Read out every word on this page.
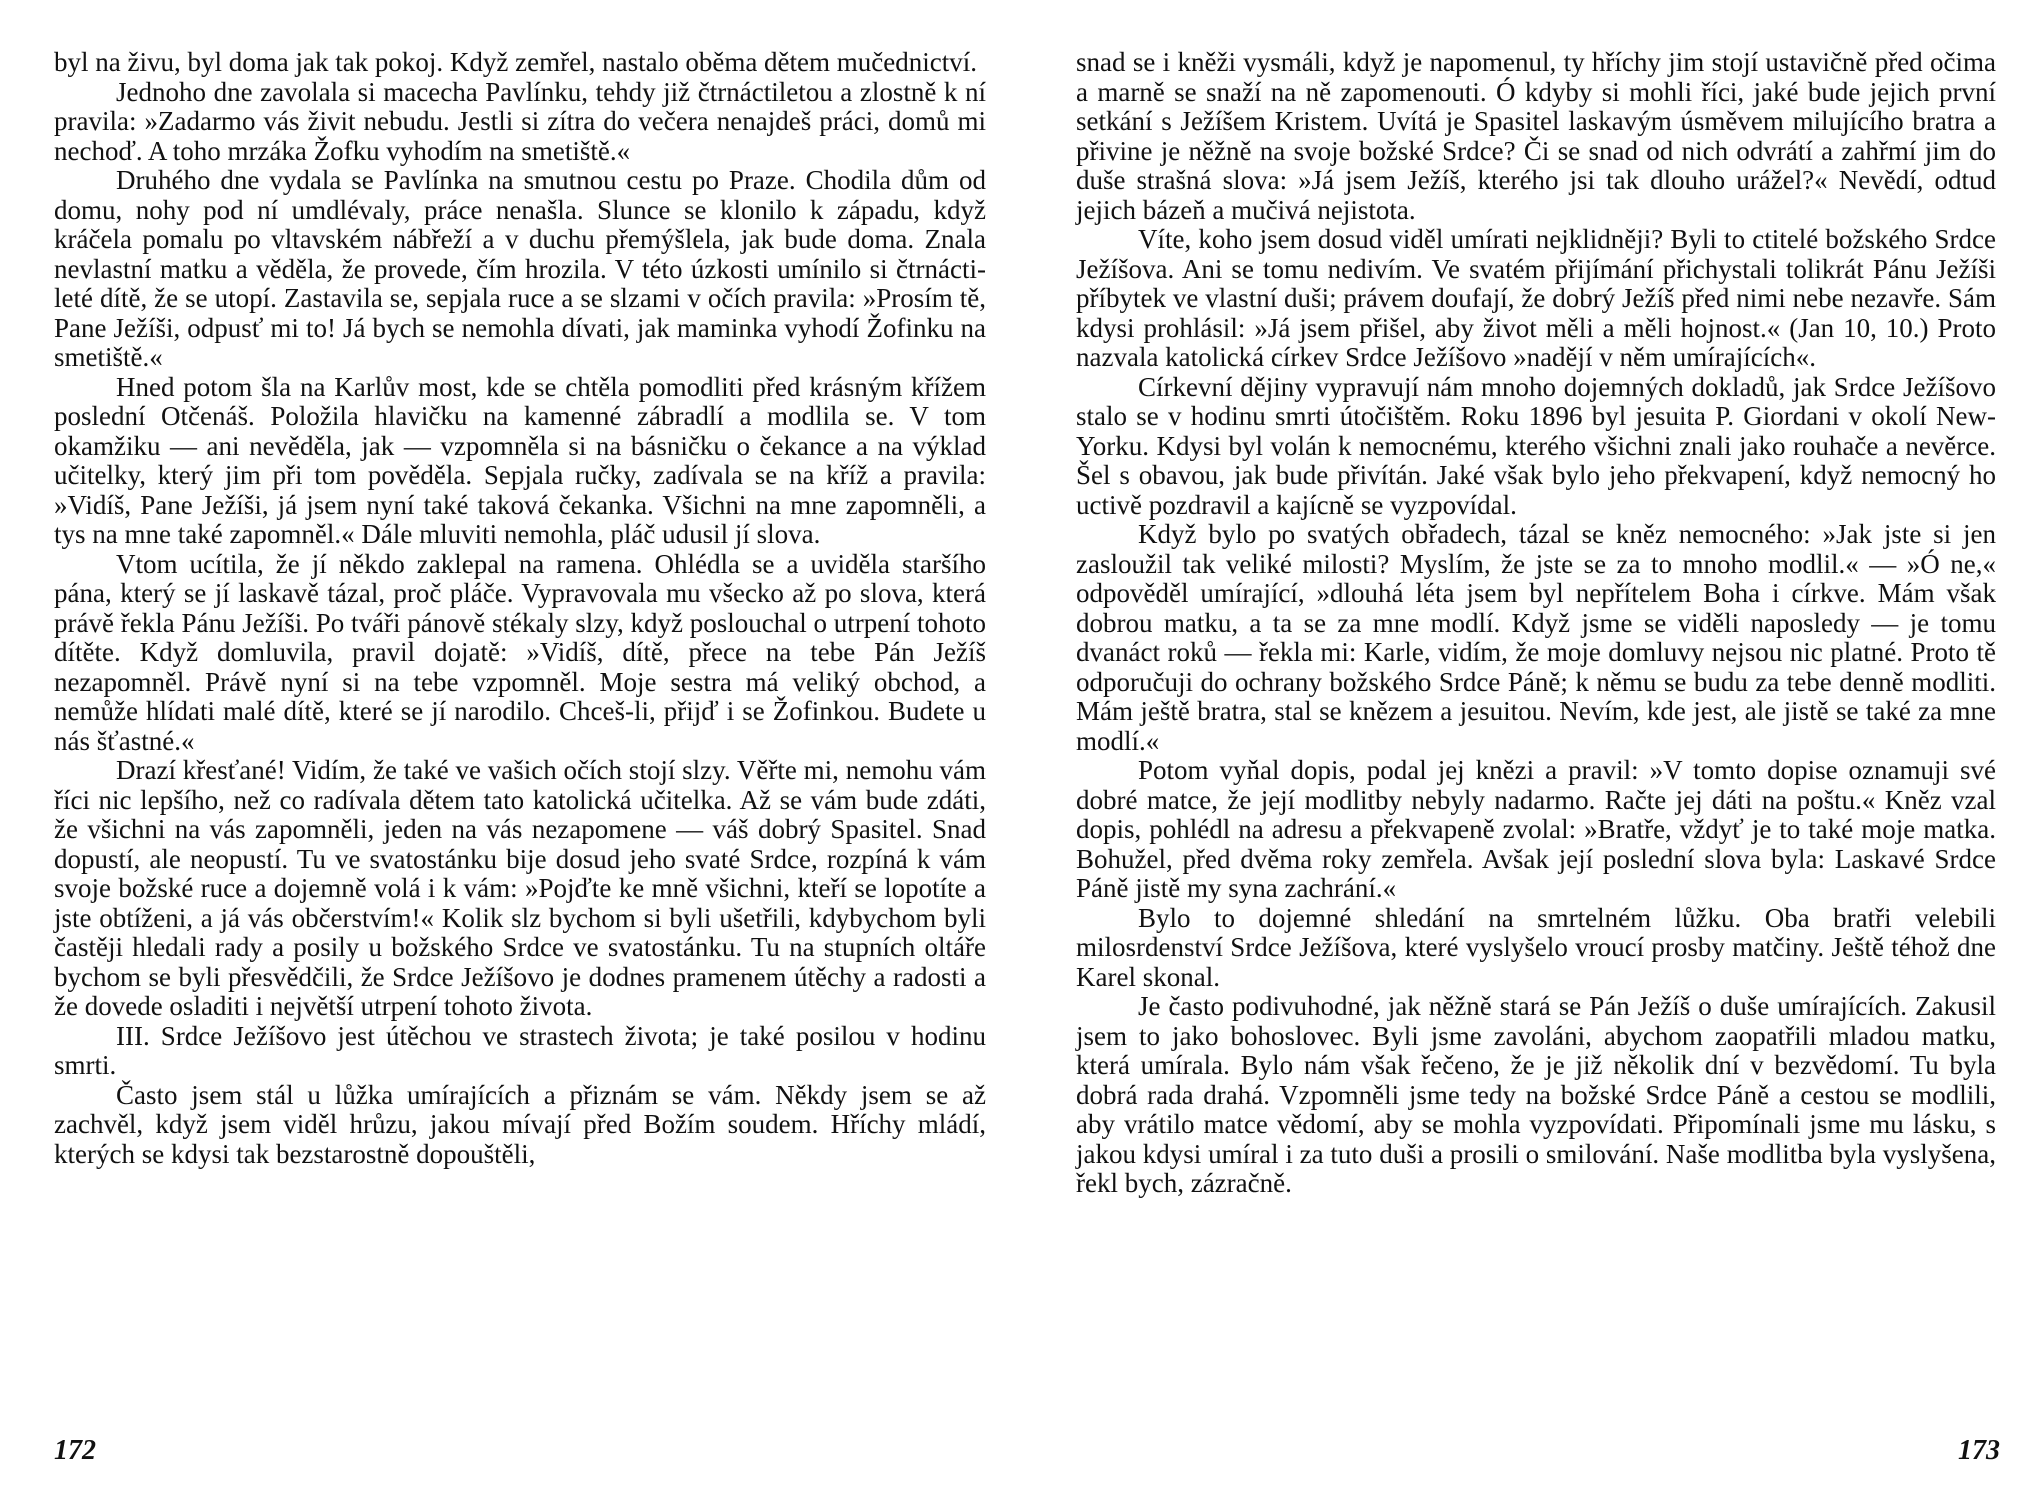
byl na živu, byl doma jak tak pokoj. Když zemřel, nastalo oběma dětem mučednictví.

Jednoho dne zavolala si macecha Pavlínku, tehdy již čtrnáctiletou a zlostně k ní pravila: »Zadarmo vás živit nebudu. Jestli si zítra do večera nenajdeš práci, domů mi nechoď. A toho mrzáka Žofku vyhodím na smetiště.«

Druhého dne vydala se Pavlínka na smutnou cestu po Praze. Chodila dům od domu, nohy pod ní umdlévaly, práce nenašla. Slunce se klonilo k západu, když kráčela pomalu po vltavském nábřeží a v duchu přemýšlela, jak bude doma. Znala nevlastní matku a věděla, že provede, čím hrozila. V této úzkosti umínilo si čtrnácti-leté dítě, že se utopí. Zastavila se, sepjala ruce a se slzami v očích pravila: »Prosím tě, Pane Ježíši, odpusť mi to! Já bych se nemohla dívati, jak maminka vyhodí Žofinku na smetiště.«

Hned potom šla na Karlův most, kde se chtěla pomodliti před krásným křížem poslední Otčenáš. Položila hlavičku na kamenné zábradlí a modlila se. V tom okamžiku — ani nevěděla, jak — vzpomněla si na básničku o čekance a na výklad učitelky, který jim při tom pověděla. Sepjala ručky, zadívala se na kříž a pravila: »Vidíš, Pane Ježíši, já jsem nyní také taková čekanka. Všichni na mne zapomněli, a tys na mne také zapomněl.« Dále mluviti nemohla, pláč udusil jí slova.

Vtom ucítila, že jí někdo zaklepal na ramena. Ohlédla se a uviděla staršího pána, který se jí laskavě tázal, proč pláče. Vypravovala mu všecko až po slova, která právě řekla Pánu Ježíši. Po tváři pánově stékaly slzy, když poslouchal o utrpení tohoto dítěte. Když domluvila, pravil dojatě: »Vidíš, dítě, přece na tebe Pán Ježíš nezapomněl. Právě nyní si na tebe vzpomněl. Moje sestra má veliký obchod, a nemůže hlídati malé dítě, které se jí narodilo. Chceš-li, přijď i se Žofinkou. Budete u nás šťastné.«

Drazí křesťané! Vidím, že také ve vašich očích stojí slzy. Věřte mi, nemohu vám říci nic lepšího, než co radívala dětem tato katolická učitelka. Až se vám bude zdáti, že všichni na vás zapomněli, jeden na vás nezapomene — váš dobrý Spasitel. Snad dopustí, ale neopustí. Tu ve svatostánku bije dosud jeho svaté Srdce, rozpíná k vám svoje božské ruce a dojemně volá i k vám: »Pojďte ke mně všichni, kteří se lopotíte a jste obtíženi, a já vás občerstvím!« Kolik slz bychom si byli ušetřili, kdybychom byli častěji hledali rady a posily u božského Srdce ve svatostánku. Tu na stupních oltáře bychom se byli přesvědčili, že Srdce Ježíšovo je dodnes pramenem útěchy a radosti a že dovede osladiti i největší utrpení tohoto života.

III. Srdce Ježíšovo jest útěchou ve strastech života; je také posilou v hodinu smrti.

Často jsem stál u lůžka umírajících a přiznám se vám. Někdy jsem se až zachvěl, když jsem viděl hrůzu, jakou mívají před Božím soudem. Hříchy mládí, kterých se kdysi tak bezstarostně dopouštěli,

172

snad se i kněži vysmáli, když je napomenul, ty hříchy jim stojí ustavičně před očima a marně se snaží na ně zapomenouti. Ó kdyby si mohli říci, jaké bude jejich první setkání s Ježíšem Kristem. Uvítá je Spasitel laskavým úsměvem milujícího bratra a přivine je něžně na svoje božské Srdce? Či se snad od nich odvrátí a zahřmí jim do duše strašná slova: »Já jsem Ježíš, kterého jsi tak dlouho urážel?« Nevědí, odtud jejich bázeň a mučivá nejistota.

Víte, koho jsem dosud viděl umírati nejklidněji? Byli to ctitelé božského Srdce Ježíšova. Ani se tomu nedivím. Ve svatém přijímání přichystali tolikrát Pánu Ježíši příbytek ve vlastní duši; právem doufají, že dobrý Ježíš před nimi nebe nezavře. Sám kdysi prohlásil: »Já jsem přišel, aby život měli a měli hojnost.« (Jan 10, 10.) Proto nazvala katolická církev Srdce Ježíšovo »nadějí v něm umírajících«.

Církevní dějiny vypravují nám mnoho dojemných dokladů, jak Srdce Ježíšovo stalo se v hodinu smrti útočištěm. Roku 1896 byl jesuita P. Giordani v okolí New-Yorku. Kdysi byl volán k nemocnému, kterého všichni znali jako rouhače a nevěrce. Šel s obavou, jak bude přivítán. Jaké však bylo jeho překvapení, když nemocný ho uctivě pozdravil a kajícně se vyzpovídal.

Když bylo po svatých obřadech, tázal se kněz nemocného: »Jak jste si jen zasloužil tak veliké milosti? Myslím, že jste se za to mnoho modlil.« — »Ó ne,« odpověděl umírající, »dlouhá léta jsem byl nepřítelem Boha i církve. Mám však dobrou matku, a ta se za mne modlí. Když jsme se viděli naposledy — je tomu dvanáct roků — řekla mi: Karle, vidím, že moje domluvy nejsou nic platné. Proto tě odporučuji do ochrany božského Srdce Páně; k němu se budu za tebe denně modliti. Mám ještě bratra, stal se knězem a jesuitou. Nevím, kde jest, ale jistě se také za mne modlí.«

Potom vyňal dopis, podal jej knězi a pravil: »V tomto dopise oznamuji své dobré matce, že její modlitby nebyly nadarmo. Račte jej dáti na poštu.« Kněz vzal dopis, pohlédl na adresu a překvapeně zvolal: »Bratře, vždyť je to také moje matka. Bohužel, před dvěma roky zemřela. Avšak její poslední slova byla: Laskavé Srdce Páně jistě my syna zachrání.«

Bylo to dojemné shledání na smrtelném lůžku. Oba bratři velebili milosrdenství Srdce Ježíšova, které vyslyšelo vroucí prosby matčiny. Ještě téhož dne Karel skonal.

Je často podivuhodné, jak něžně stará se Pán Ježíš o duše umírajících. Zakusil jsem to jako bohoslovec. Byli jsme zavoláni, abychom zaopatřili mladou matku, která umírala. Bylo nám však řečeno, že je již několik dní v bezvědomí. Tu byla dobrá rada drahá. Vzpomněli jsme tedy na božské Srdce Páně a cestou se modlili, aby vrátilo matce vědomí, aby se mohla vyzpovídati. Připomínali jsme mu lásku, s jakou kdysi umíral i za tuto duši a prosili o smilování. Naše modlitba byla vyslyšena, řekl bych, zázračně.

173
